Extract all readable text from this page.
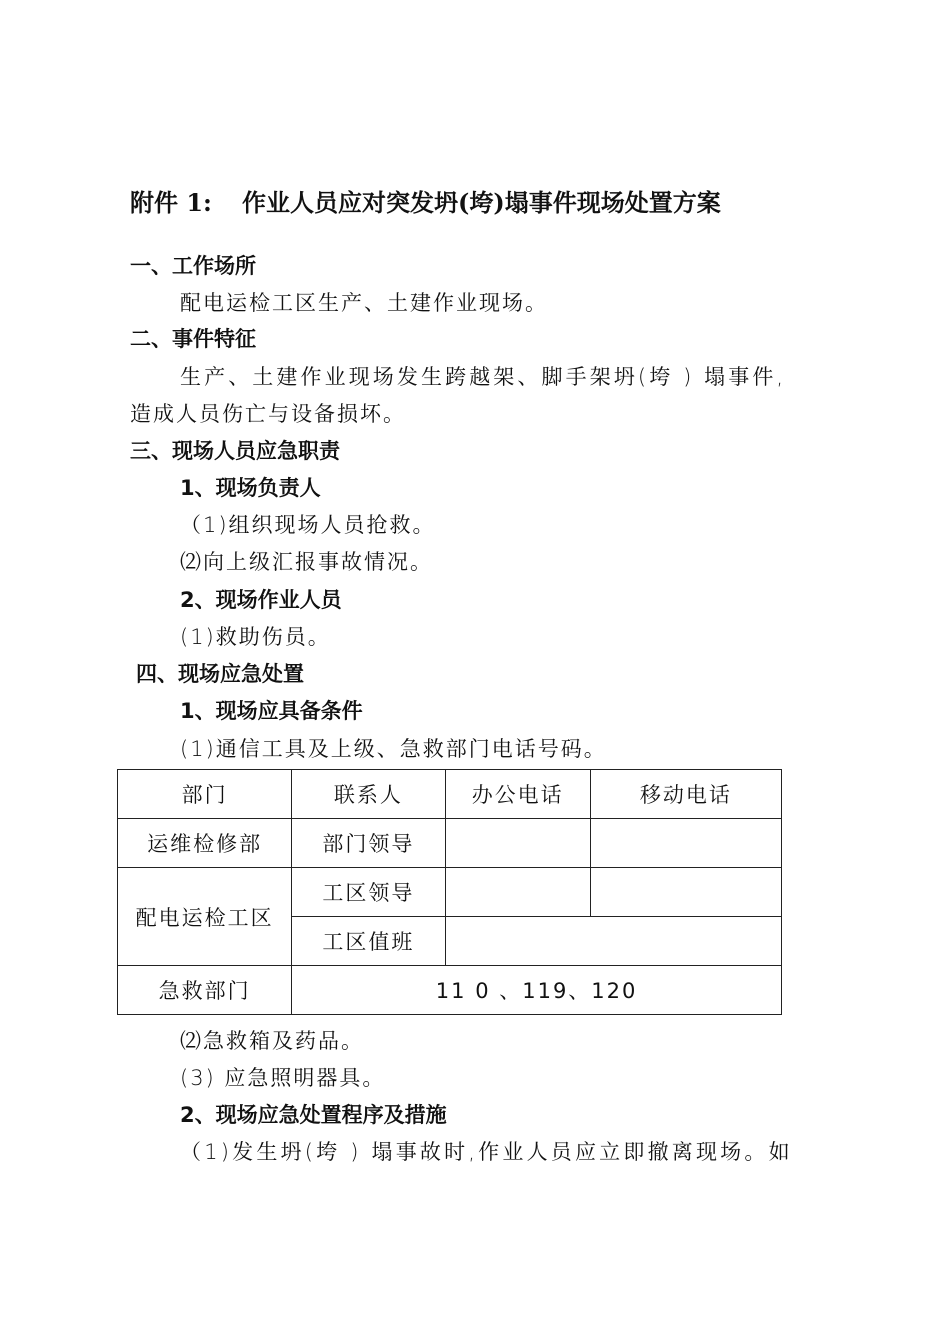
附件 1: 作业人员应对突发坍(垮)塌事件现场处置方案
一、工作场所
配电运检工区生产、土建作业现场。
二、事件特征
生产、土建作业现场发生跨越架、脚手架坍(垮 ) 塌事件,
造成人员伤亡与设备损坏。
三、现场人员应急职责
1、现场负责人
（1)组织现场人员抢救。
⑵向上级汇报事故情况。
2、现场作业人员
(1)救助伤员。
四、现场应急处置
1、现场应具备条件
(1)通信工具及上级、急救部门电话号码。
部门	联系人	办公电话	移动电话
运维检修部	部门领导		
配电运检工区	工区领导		
	工区值班		
急救部门	11 0 、119、120		
⑵急救箱及药品。
(3) 应急照明器具。
2、现场应急处置程序及措施
（1)发生坍(垮 ) 塌事故时,作业人员应立即撤离现场。如
